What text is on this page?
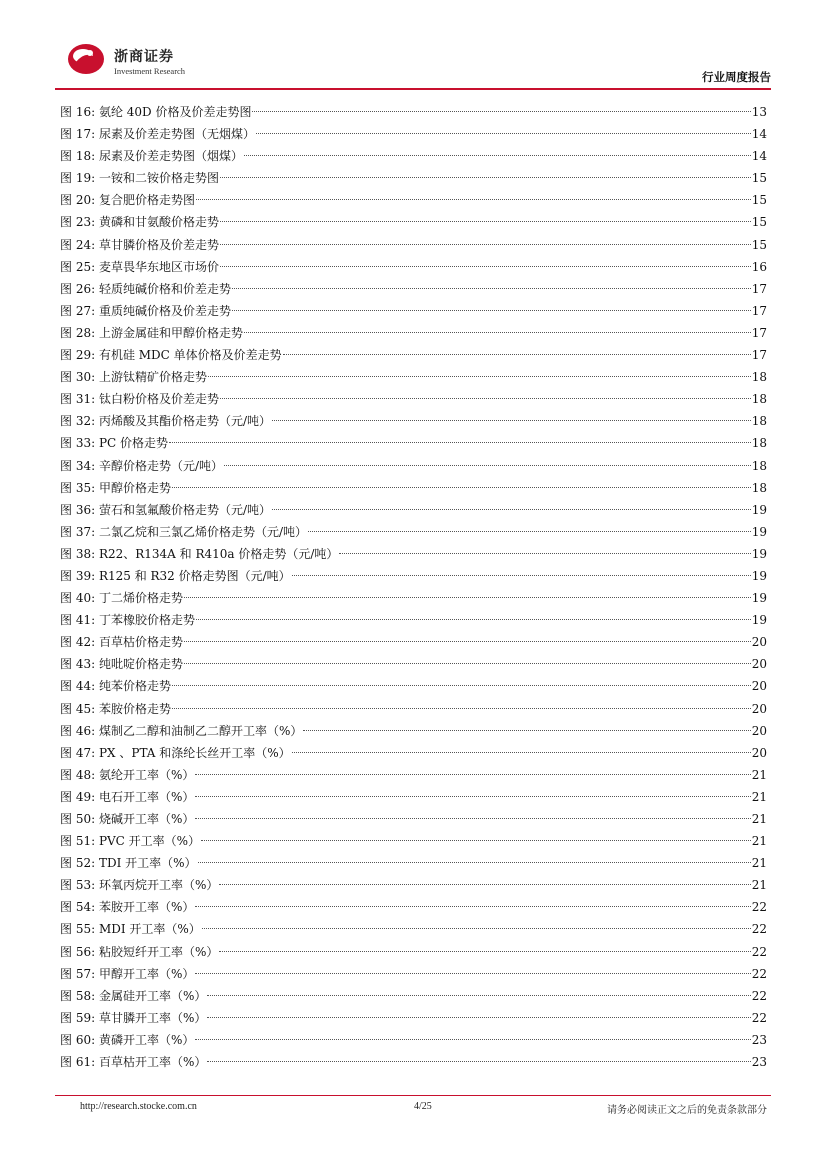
浙商证券
Investment Research	行业周度报告
图 16: 氨纶 40D 价格及价差走势图	13
图 17: 尿素及价差走势图（无烟煤）	14
图 18: 尿素及价差走势图（烟煤）	14
图 19: 一铵和二铵价格走势图	15
图 20: 复合肥价格走势图	15
图 23: 黄磷和甘氨酸价格走势	15
图 24: 草甘膦价格及价差走势	15
图 25: 麦草畏华东地区市场价	16
图 26: 轻质纯碱价格和价差走势	17
图 27: 重质纯碱价格及价差走势	17
图 28: 上游金属硅和甲醇价格走势	17
图 29: 有机硅 MDC 单体价格及价差走势	17
图 30: 上游钛精矿价格走势	18
图 31: 钛白粉价格及价差走势	18
图 32: 丙烯酸及其酯价格走势（元/吨）	18
图 33: PC 价格走势	18
图 34: 辛醇价格走势（元/吨）	18
图 35: 甲醇价格走势	18
图 36: 萤石和氢氟酸价格走势（元/吨）	19
图 37: 二氯乙烷和三氯乙烯价格走势（元/吨）	19
图 38: R22、R134A 和 R410a 价格走势（元/吨）	19
图 39: R125 和 R32 价格走势图（元/吨）	19
图 40: 丁二烯价格走势	19
图 41: 丁苯橡胶价格走势	19
图 42: 百草枯价格走势	20
图 43: 纯吡啶价格走势	20
图 44: 纯苯价格走势	20
图 45: 苯胺价格走势	20
图 46: 煤制乙二醇和油制乙二醇开工率（%）	20
图 47: PX 、PTA 和涤纶长丝开工率（%）	20
图 48: 氨纶开工率（%）	21
图 49: 电石开工率（%）	21
图 50: 烧碱开工率（%）	21
图 51: PVC 开工率（%）	21
图 52: TDI 开工率（%）	21
图 53: 环氧丙烷开工率（%）	21
图 54: 苯胺开工率（%）	22
图 55: MDI 开工率（%）	22
图 56: 粘胶短纤开工率（%）	22
图 57: 甲醇开工率（%）	22
图 58: 金属硅开工率（%）	22
图 59: 草甘膦开工率（%）	22
图 60: 黄磷开工率（%）	23
图 61: 百草枯开工率（%）	23
http://research.stocke.com.cn	4/25	请务必阅读正文之后的免责条款部分
